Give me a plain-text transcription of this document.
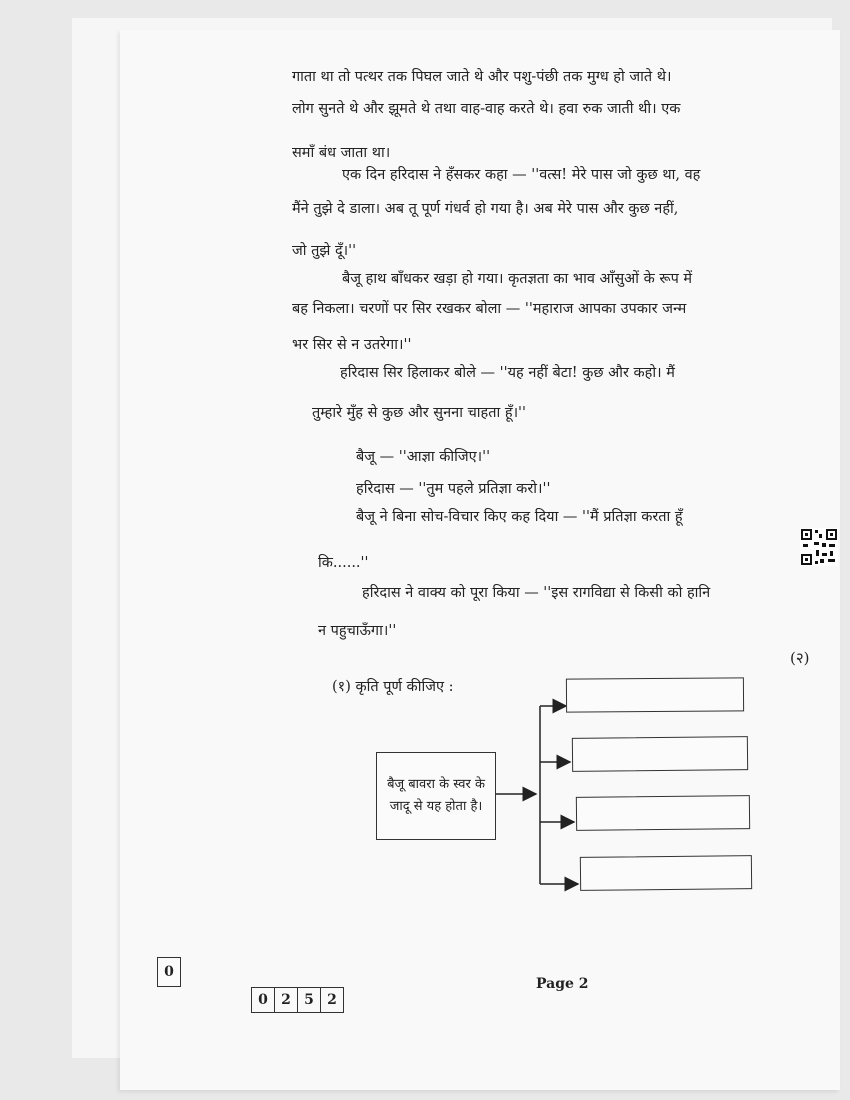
गाता था तो पत्थर तक पिघल जाते थे और पशु-पंछी तक मुग्ध हो जाते थे।
लोग सुनते थे और झूमते थे तथा वाह-वाह करते थे। हवा रुक जाती थी। एक
समाँ बंध जाता था।
एक दिन हरिदास ने हँसकर कहा — ''वत्स! मेरे पास जो कुछ था, वह
मैंने तुझे दे डाला। अब तू पूर्ण गंधर्व हो गया है। अब मेरे पास और कुछ नहीं,
जो तुझे दूँ।''
बैजू हाथ बाँधकर खड़ा हो गया। कृतज्ञता का भाव आँसुओं के रूप में
बह निकला। चरणों पर सिर रखकर बोला — ''महाराज आपका उपकार जन्म
भर सिर से न उतरेगा।''
हरिदास सिर हिलाकर बोले — ''यह नहीं बेटा! कुछ और कहो। मैं
तुम्हारे मुँह से कुछ और सुनना चाहता हूँ।''
बैजू — ''आज्ञा कीजिए।''
हरिदास — ''तुम पहले प्रतिज्ञा करो।''
बैजू ने बिना सोच-विचार किए कह दिया — ''मैं प्रतिज्ञा करता हूँ
कि......''
हरिदास ने वाक्य को पूरा किया — ''इस रागविद्या से किसी को हानि
न पहुचाऊँगा।''
(२)
(१) कृति पूर्ण कीजिए :
बैजू बावरा के स्वर के जादू से यह होता है।
0
0 2 5 2
Page 2
